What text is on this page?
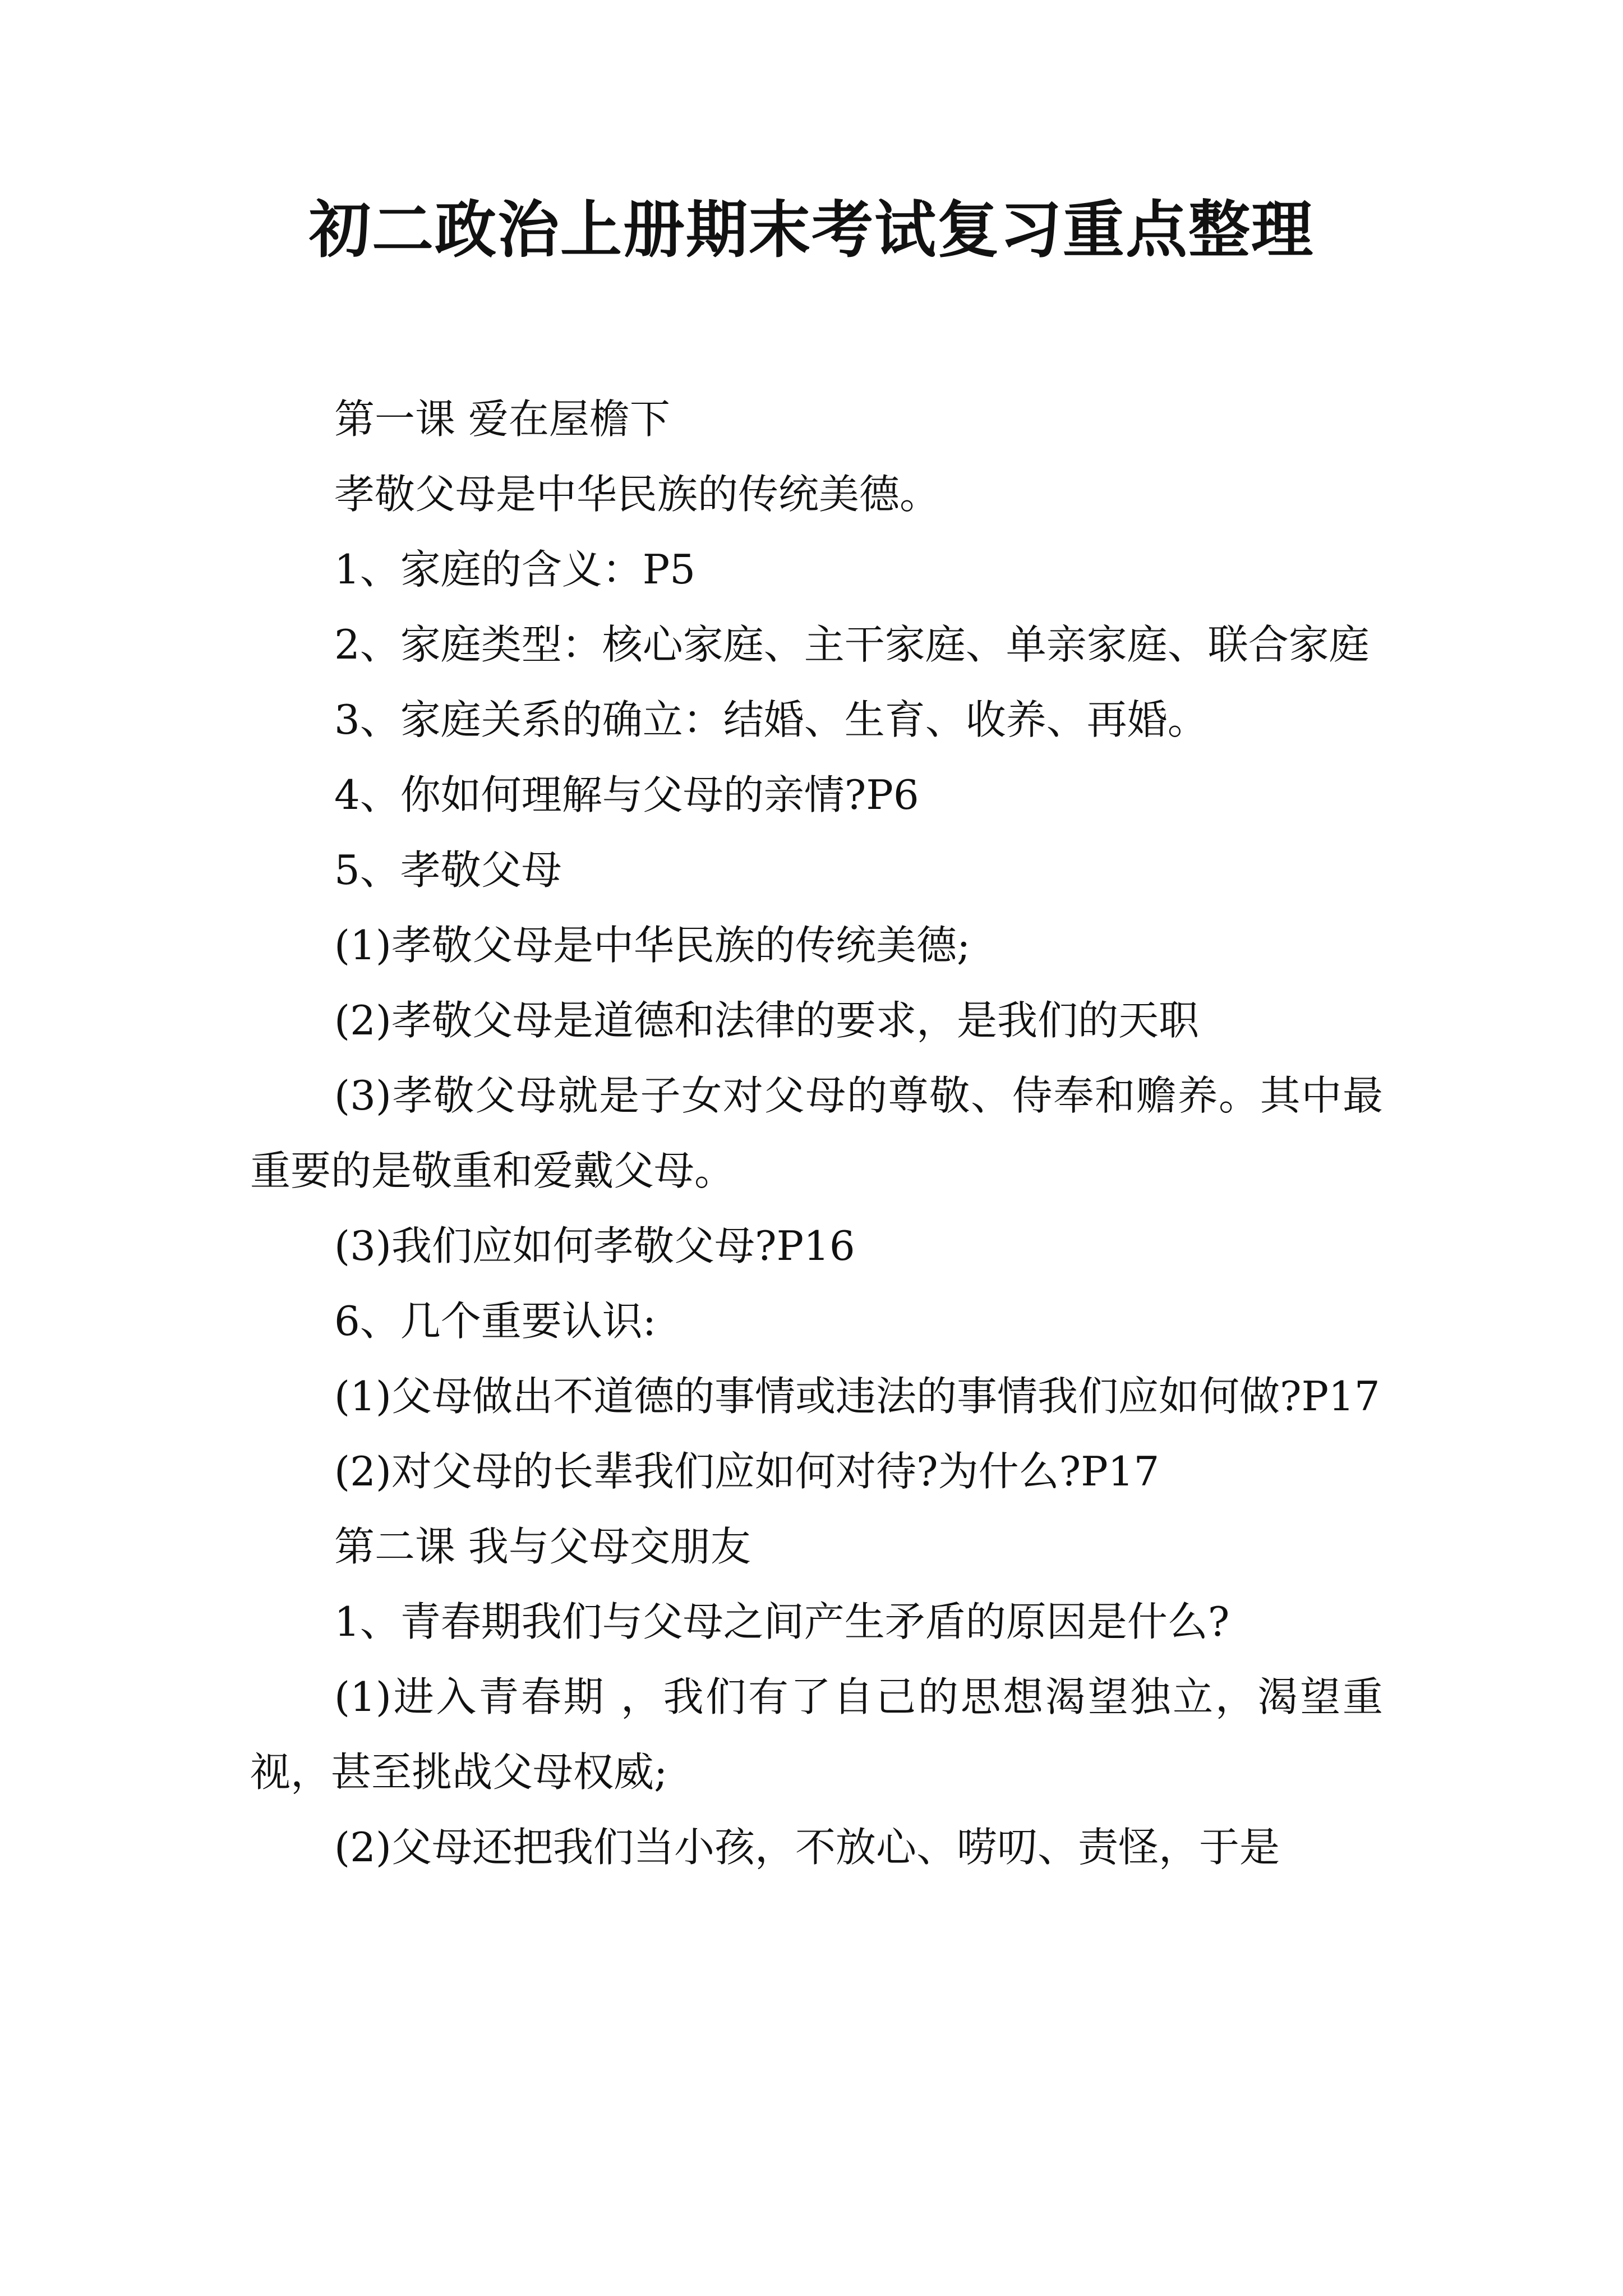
初二政治上册期末考试复习重点整理

第一课 爱在屋檐下

孝敬父母是中华民族的传统美德。

1、家庭的含义：P5

2、家庭类型：核心家庭、主干家庭、单亲家庭、联合家庭

3、家庭关系的确立：结婚、生育、收养、再婚。

4、你如何理解与父母的亲情?P6

5、孝敬父母

(1)孝敬父母是中华民族的传统美德;

(2)孝敬父母是道德和法律的要求，是我们的天职

(3)孝敬父母就是子女对父母的尊敬、侍奉和赡养。其中最重要的是敬重和爱戴父母。

(3)我们应如何孝敬父母?P16

6、几个重要认识:

(1)父母做出不道德的事情或违法的事情我们应如何做?P17

(2)对父母的长辈我们应如何对待?为什么?P17

第二课 我与父母交朋友

1、青春期我们与父母之间产生矛盾的原因是什么?

(1)进入青春期 ，我们有了自己的思想渴望独立，渴望重视，甚至挑战父母权威;

(2)父母还把我们当小孩，不放心、唠叨、责怪，于是
